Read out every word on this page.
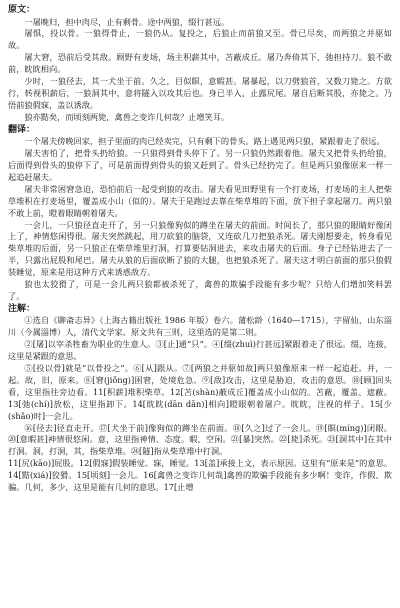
原文：

一屠晚归，担中肉尽，止有剩骨。途中两狼，缀行甚远。

屠惧，投以骨。一狼得骨止，一狼仍从。复投之，后狼止而前狼又至。骨已尽矣，而两狼之并驱如故。

屠大窘，恐前后受其敌。顾野有麦场，场主积薪其中，苫蔽成丘。屠乃奔倚其下，弛担持刀。狼不敢前，眈眈相向。

少时，一狼径去，其一犬坐于前。久之，目似瞑，意暇甚。屠暴起，以刀劈狼首，又数刀毙之。方欲行，转视积薪后，一狼洞其中，意将隧入以攻其后也。身已半入，止露尻尾。屠自后断其股，亦毙之。乃悟前狼假寐，盖以诱敌。

狼亦黠矣，而顷刻两毙，禽兽之变诈几何哉？止增笑耳。

翻译：

一个屠夫傍晚回家，担子里面的肉已经卖完，只有剩下的骨头。路上遇见两只狼，紧跟着走了很远。

屠夫害怕了，把骨头扔给狼。一只狼得到骨头停下了。另一只狼仍然跟着他。屠夫又把骨头扔给狼，后面得到骨头的狼停下了，可是前面得到骨头的狼又赶到了。骨头已经扔完了。但是两只狼像原来一样一起追赶屠夫。

屠夫非常困窘急迫，恐怕前后一起受到狼的攻击。屠夫看见田野里有一个打麦场，打麦场的主人把柴草堆积在打麦场里，覆盖成小山（似的）。屠夫于是跑过去靠在柴草堆的下面，放下担子拿起屠刀。两只狼不敢上前，瞪着眼睛朝着屠夫。

一会儿，一只狼径直走开了，另一只狼像狗似的蹲坐在屠夫的前面。时间长了，那只狼的眼睛好像闭上了，神情悠闲得很。屠夫突然跳起，用刀砍狼的脑袋，又连砍几刀把狼杀死。屠夫刚想要走，转身看见柴草堆的后面，另一只狼正在柴草堆里打洞，打算要钻洞进去，来攻击屠夫的后面。身子已经钻进去了一半，只露出屁股和尾巴。屠夫从狼的后面砍断了狼的大腿，也把狼杀死了。屠夫这才明白前面的那只狼假装睡觉，原来是用这种方式来诱惑敌方。

狼也太狡猾了，可是一会儿两只狼都被杀死了，禽兽的欺骗手段能有多少呢？只给人们增加笑料罢了。

注解：

①选自《聊斋志异》（上海古籍出版社 1986 年版）卷六。蒲松龄（1640—1715），字留仙，山东淄川（今属淄博）人，清代文学家。原文共有三则，这里选的是第二则。

②[屠]以宰杀牲畜为职业的生意人。③[止]通“只”。④[缀(zhuì)行甚远]紧跟着走了很远。缀，连接，这里是紧跟的意思。

⑤[投以骨]就是“以骨投之”。⑥[从]跟从。⑦[两狼之并驱如故]两只狼像原来一样一起追赶。并，一起。故，旧，原来。⑧[窘(jiǒng)]困窘，处境危急。⑨[敌]攻击，这里是胁迫，攻击的意思。⑩[顾]回头看，这里指往旁边看。11[积薪]堆积柴草。12[苫(shàn)蔽成丘]覆盖成小山似的。苫蔽，覆盖、遮蔽。13[弛(chí)]放松，这里指卸下。14[眈眈(dān dān)]相向]瞪眼朝着屠户。眈眈，注视的样子。15[少(shǎo)时]一会儿。

⑯[径去]径直走开。⑰[犬坐于前]像狗似的蹲坐在前面。⑱[久之]过了一会儿。⑲[瞑(míng)]闭眼。⑳[意暇甚]神情很悠闲。意，这里指神情、态度。暇，空闲。㉑[暴]突然。㉒[毙]杀死。㉓[洞其中]在其中打洞。洞，打洞，其，指柴草堆。㉔[隧]指从柴草堆中打洞。

11[尻(kāo)]屁股。12[假寐]假装睡觉。寐，睡觉。13[盖]承接上文，表示原因。这里有“原来是”的意思。14[黠(xiá)]狡猾。15[顷刻]一会儿。16[禽兽之变诈几何哉]禽兽的欺骗手段能有多少啊！变诈，作假、欺骗。几何，多少，这里是能有几何的意思。17[止增
